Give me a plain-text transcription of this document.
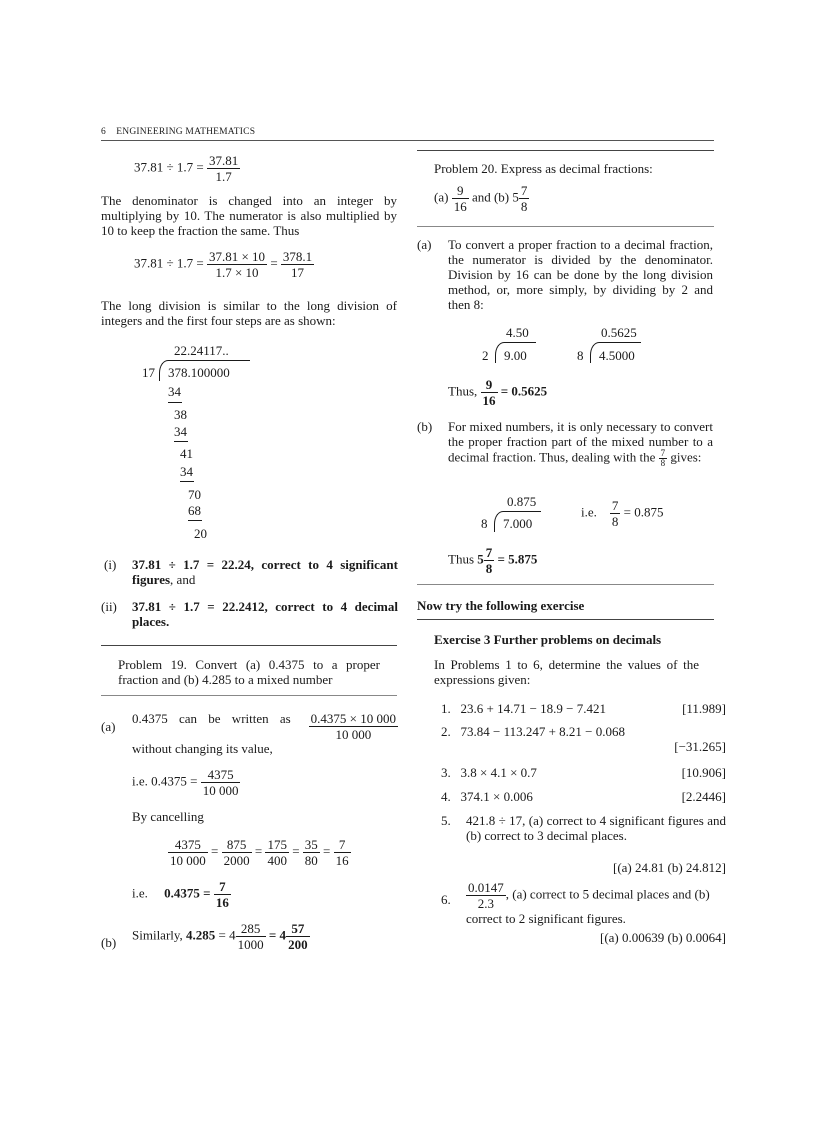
6 ENGINEERING MATHEMATICS
$37.81 \div 1.7 = \frac{37.81}{1.7}$
The denominator is changed into an integer by multiplying by 10. The numerator is also multiplied by 10 to keep the fraction the same. Thus
$37.81 \div 1.7 = \frac{37.81 \times 10}{1.7 \times 10} = \frac{378.1}{17}$
The long division is similar to the long division of integers and the first four steps are as shown:
22.24117..
17 378.100000
34
38
34
41
34
70
68
20
(i) 37.81 ÷ 1.7 = 22.24, correct to 4 significant figures, and
(ii) 37.81 ÷ 1.7 = 22.2412, correct to 4 decimal places.
Problem 19. Convert (a) 0.4375 to a proper fraction and (b) 4.285 to a mixed number
(a)
0.4375 can be written as $\frac{0.4375 \times 10 000}{10 000}$
without changing its value,
i.e. $0.4375 = \frac{4375}{10 000}$
By cancelling
$\frac{4375}{10 000} = \frac{875}{2000} = \frac{175}{400} = \frac{35}{80} = \frac{7}{16}$
i.e. $0.4375 = \frac{7}{16}$
(b)
Similarly, $4.285 = 4 \frac{285}{1000} = 4 \frac{57}{200}$
Problem 20. Express as decimal fractions:
$(a) \frac{9}{16}$ and (b) $5 \frac{7}{8}$
(a) To convert a proper fraction to a decimal fraction, the numerator is divided by the denominator. Division by 16 can be done by the long division method, or, more simply, by dividing by 2 and then 8:
4.50
2 9.00
0.5625
8 4.5000
Thus, $\frac{9}{16} = 0.5625$
(b) For mixed numbers, it is only necessary to convert the proper fraction part of the mixed number to a decimal fraction. Thus, dealing with the $\frac{7}{8}$ gives:
0.875
8 7.000
i.e. $\frac{7}{8} = 0.875$
Thus $5 \frac{7}{8} = 5.875$
Now try the following exercise
Exercise 3 Further problems on decimals
In Problems 1 to 6, determine the values of the expressions given:
1. 23.6 + 14.71 − 18.9 − 7.421	[11.989]
2. 73.84 − 113.247 + 8.21 − 0.068
[−31.265]
3. 3.8 × 4.1 × 0.7	[10.906]
4. 374.1 × 0.006	[2.2446]
5. 421.8 ÷ 17, (a) correct to 4 significant figures and (b) correct to 3 decimal places.
[(a) 24.81 (b) 24.812]
6. $\frac{0.0147}{2.3}$ , (a) correct to 5 decimal places and (b) correct to 2 significant figures.
[(a) 0.00639 (b) 0.0064]
